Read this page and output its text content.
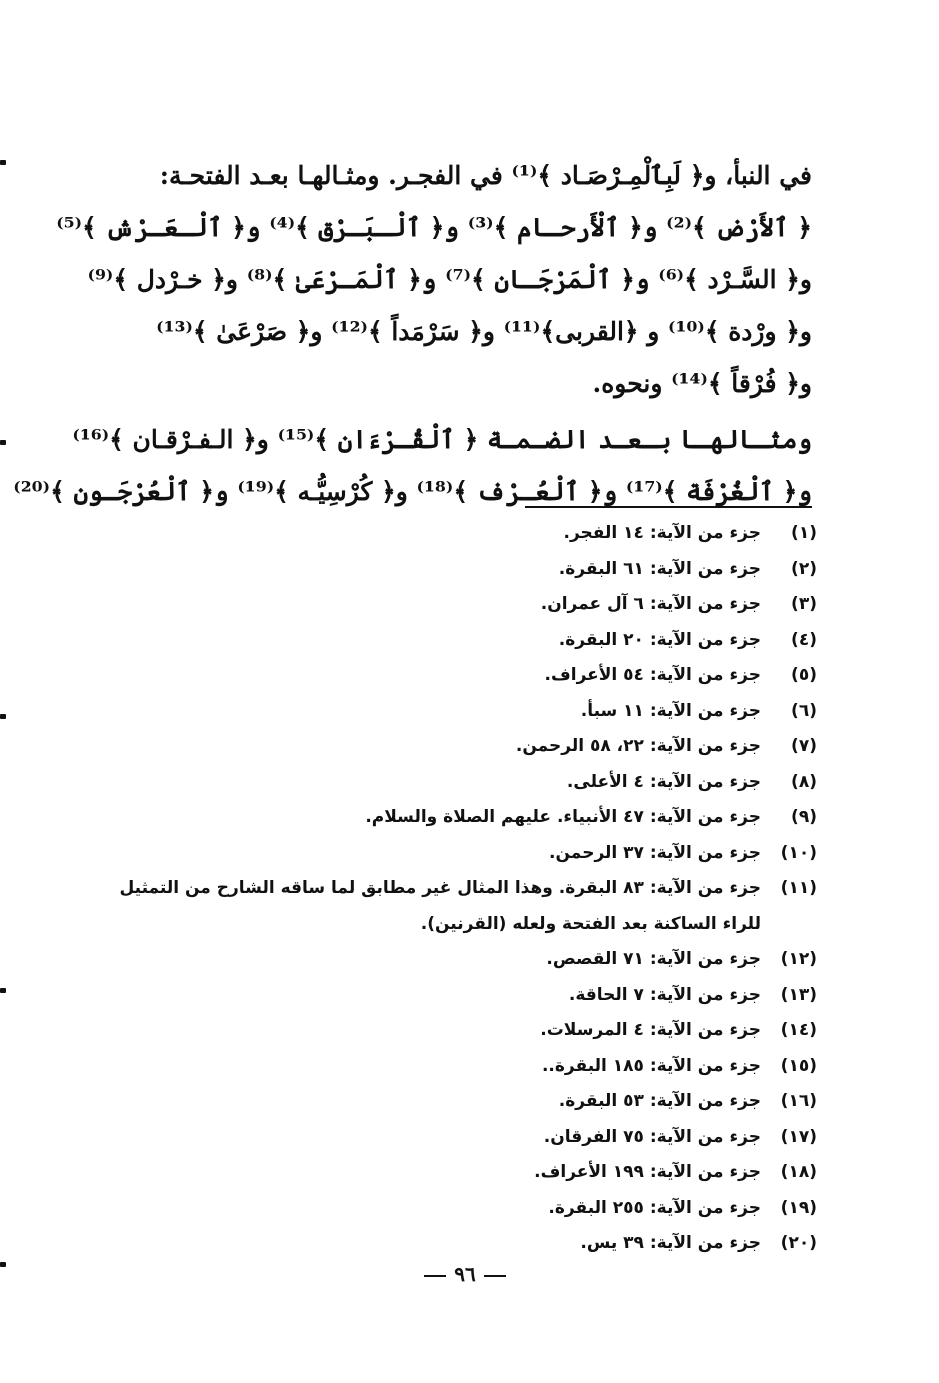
في النبأ، و﴿ لَبِٱلْمِـرْصَـاد ﴾⁽¹⁾ في الفجـر. ومثـالهـا بعـد الفتحـة:
﴿ ٱلأَرْض ﴾⁽²⁾ و﴿ ٱلْأَرحـام ﴾⁽³⁾ و﴿ ٱلْـبَـرْق ﴾⁽⁴⁾ و﴿ ٱلْـعَـرْش ﴾⁽⁵⁾
و﴿ السَّـرْد ﴾⁽⁶⁾ و﴿ ٱلْمَرْجَـان ﴾⁽⁷⁾ و﴿ ٱلْمَـرْعَىٰ ﴾⁽⁸⁾ و﴿ خـرْدل ﴾⁽⁹⁾
و﴿ ورْدة ﴾⁽¹⁰⁾ و ﴿القربى﴾⁽¹¹⁾ و﴿ سَرْمَداً ﴾⁽¹²⁾ و﴿ صَرْعَىٰ ﴾⁽¹³⁾
و﴿ فُرْقاً ﴾⁽¹⁴⁾ ونحوه.
ومثـالهـا بـعـد الضـمـة ﴿ ٱلْقُـرْءَان ﴾⁽¹⁵⁾ و﴿ الـفـرْقـان ﴾⁽¹⁶⁾
و﴿ ٱلْغُرْفَة ﴾⁽¹⁷⁾ و﴿ ٱلْعُـرْف ﴾⁽¹⁸⁾ و﴿ كُرْسِيُّـه ﴾⁽¹⁹⁾ و﴿ ٱلْعُرْجَـون ﴾⁽²⁰⁾
(١)
جزء من الآية: ١٤ الفجر.
(٢)
جزء من الآية: ٦١ البقرة.
(٣)
جزء من الآية: ٦ آل عمران.
(٤)
جزء من الآية: ٢٠ البقرة.
(٥)
جزء من الآية: ٥٤ الأعراف.
(٦)
جزء من الآية: ١١ سبأ.
(٧)
جزء من الآية: ٢٢، ٥٨ الرحمن.
(٨)
جزء من الآية: ٤ الأعلى.
(٩)
جزء من الآية: ٤٧ الأنبياء. عليهم الصلاة والسلام.
(١٠)
جزء من الآية: ٣٧ الرحمن.
(١١)
جزء من الآية: ٨٣ البقرة. وهذا المثال غير مطابق لما ساقه الشارح من التمثيل للراء الساكنة بعد الفتحة ولعله (القرنين).
(١٢)
جزء من الآية: ٧١ القصص.
(١٣)
جزء من الآية: ٧ الحاقة.
(١٤)
جزء من الآية: ٤ المرسلات.
(١٥)
جزء من الآية: ١٨٥ البقرة..
(١٦)
جزء من الآية: ٥٣ البقرة.
(١٧)
جزء من الآية: ٧٥ الفرقان.
(١٨)
جزء من الآية: ١٩٩ الأعراف.
(١٩)
جزء من الآية: ٢٥٥ البقرة.
(٢٠)
جزء من الآية: ٣٩ يس.
٩٦
